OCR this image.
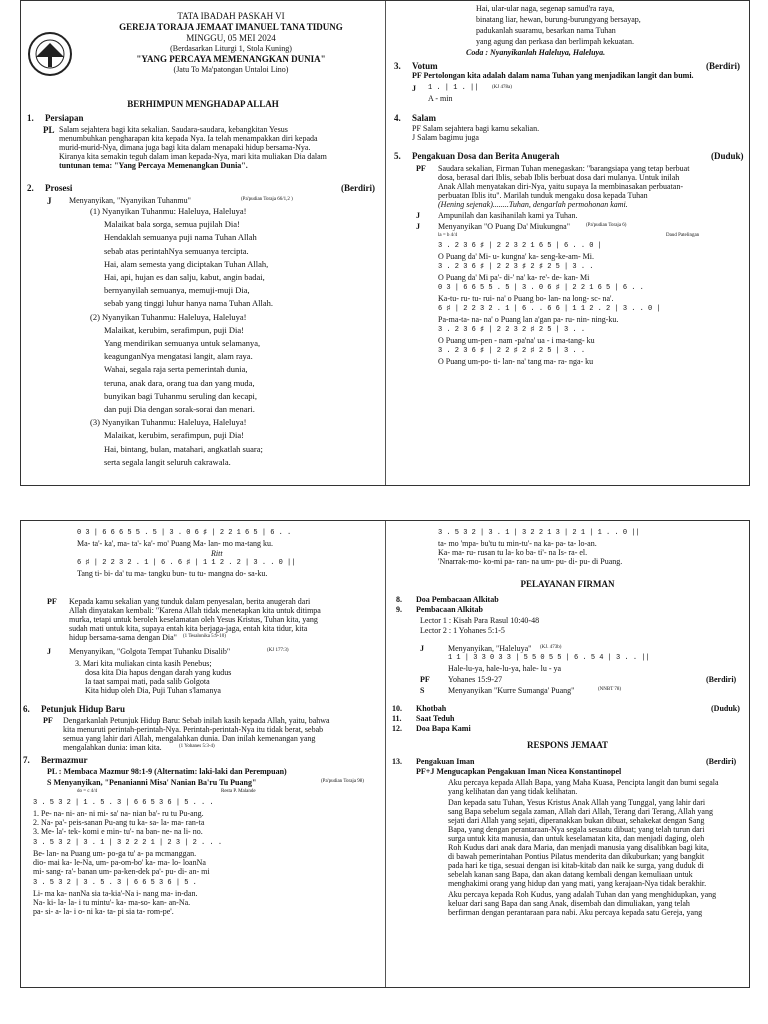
TATA IBADAH PASKAH VI
GEREJA TORAJA JEMAAT IMANUEL TANA TIDUNG
MINGGU, 05 MEI 2024
(Berdasarkan Liturgi 1, Stola Kuning)
"YANG PERCAYA MEMENANGKAN DUNIA"
(Jatu To Ma'patongan Untaloi Lino)
BERHIMPUN MENGHADAP ALLAH
1. Persiapan
PL Salam sejahtera bagi kita sekalian. Saudara-saudara, kebangkitan Yesus
menumbuhkan pengharapan kita kepada Nya. Ia telah menampakkan diri kepada
murid-murid-Nya, dimana juga bagi kita dalam menapaki hidup bersama-Nya.
Kiranya kita semakin teguh dalam iman kepada-Nya, mari kita muliakan Dia dalam
tuntunan tema: "Yang Percaya Memenangkan Dunia".
2. Prosesi	(Berdiri)
J Menyanyikan, "Nyanyikan Tuhanmu"	(Pa'pudian Toraja 66/1,2 )
Hai, ular-ular naga, segenap samud'ra raya,
binatang liar, hewan, burung-burungyang bersayap,
padukanlah suaramu, besarkan nama Tuhan
yang agung dan perkasa dan berlimpah kekuatan.
Coda : Nyanyikanlah Haleluya, Haleluya.
3. Votum	(Berdiri)
PF Pertolongan kita adalah dalam nama Tuhan yang menjadikan langit dan bumi.
J 1 . | 1 . ||	(KJ 478a)
A - min
4. Salam
PF Salam sejahtera bagi kamu sekalian.
J Salam bagimu juga
5. Pengakuan Dosa dan Berita Anugerah	(Duduk)
PF Saudara sekalian, Firman Tuhan menegaskan: "barangsiapa yang tetap berbuat
dosa, berasal dari Iblis, sebab Iblis berbuat dosa dari mulanya. Untuk inilah
Anak Allah menyatakan diri-Nya, yaitu supaya Ia membinasakan perbuatan-
perbuatan Iblis itu". Marilah tunduk mengaku dosa kepada Tuhan
(Hening sejenak)........Tuhan, dengarlah permohonan kami.
J Ampunilah dan kasihanilah kami ya Tuhan.
J Menyanyikan "O Puang Da' Miukungna"	(Pa'pudian Toraja 6)
la = b 4/4	Daud Patelingan
3 . 2 3 6 ♯ | 2 2 3 2 1 6 5 | 6 . . 0 |
O Puang da' Mi- u- kungna' ka- seng-ke-am- Mi.
3 . 2 3 6 ♯ | 2 2 3 ♯ 2 ♯ 2 5 | 3 . .
O Puang da' Mi pa'- di-' na' ka- re'- de- kan- Mi
0 3 | 6 6 5 5 . 5 | 3 . 0 6 ♯ | 2 2 1 6 5 | 6 . .
Ka-tu- ru- tu- rui- na' o Puang bo- lan- na long- sc- na'.
6 ♯ | 2 2 3 2 . 1 | 6 . . 6 6 | 1 1 2 . 2 | 3 . . 0 |
Pa-ma-ta- na- na' o Puang lan a'gan pa- ru- nin- ning-ku.
3 . 2 3 6 ♯ | 2 2 3 2 ♯ 2 5 | 3 . .
O Puang um-pen - nam -pa'na' ua - i ma-tang- ku
3 . 2 3 6 ♯ | 2 2 ♯ 2 ♯ 2 5 | 3 . .
O Puang um-po- ti- lan- na' tang ma- ra- nga- ku
0 3 | 6 6 6 5 5 . 5 | 3 . 0 6 ♯ | 2 2 1 6 5 | 6 . .
Ma- ta'- ka', ma- ta'- ka'- mo' Puang Ma- lan- mo ma-tang ku.
Ritt
6 ♯ | 2 2 3 2 . 1 | 6 . 6 ♯ | 1 1 2 . 2 | 3 . . 0 ||
Tang ti- bi- da' tu ma- tangku bun- tu tu- mangna do- sa-ku.
PF Kepada kamu sekalian yang tunduk dalam penyesalan, berita anugerah dari
Allah dinyatakan kembali: "Karena Allah tidak menetapkan kita untuk ditimpa
murka, tetapi untuk beroleh keselamatan oleh Yesus Kristus, Tuhan kita, yang
sudah mati untuk kita, supaya entah kita berjaga-jaga, entah kita tidur, kita
hidup bersama-sama dengan Dia" (1 Tesalonika 5:9-10)
J Menyanyikan, "Golgota Tempat Tuhanku Disalib"	(KJ 177:3)
3. Mari kita muliakan cinta kasih Penebus;
dosa kita Dia hapus dengan darah yang kudus
Ia taat sampai mati, pada salib Golgota
Kita hidup oleh Dia, Puji Tuhan s'lamanya
6. Petunjuk Hidup Baru
PF Dengarkanlah Petunjuk Hidup Baru: Sebab inilah kasih kepada Allah, yaitu, bahwa
kita menuruti perintah-perintah-Nya. Perintah-perintah-Nya itu tidak berat, sebab
semua yang lahir dari Allah, mengalahkan dunia. Dan inilah kemenangan yang
mengalahkan dunia: iman kita.	(1 Yohanes 5:3-4)
7. Bermazmur
PL : Membaca Mazmur 98:1-9 (Alternatim: laki-laki dan Perempuan)
S Menyanyikan, "Penanianni Misa' Nanian Ba'ru Tu Puang"	(Pa'pudian Toraja 98)
do = c 4/4	Resta P. Malande
3 . 5 3 2 | 1 . 5 . 3 | 6 6 5 3 6 | 5 . . .
1. Pe- na- ni- an- ni mi- sa' na- nian ba'- ru tu Pu-ang.
2. Na- pa'- peis-sanan Pu-ang tu ka- sa- la- ma- ran-ta
3. Me- la'- tek- komi e min- tu'- na ban- ne- na li- no.
3 . 5 3 2 | 3 . 1 | 3 2 2 2 1 | 2 3 | 2 . . .
Be- lan- na Puang um- po-ga tu' a- pa mcmanggan.
dio- mai ka- le-Na, um- pa-om-bo' ka- ma- lo- loanNa
mi- sang- ra'- banan um- pa-ken-dek pa'- pu- di- an- mi
3 . 5 3 2 | 3 . 5 . 3 | 6 6 5 3 6 | 5 .
Li- ma ka- nanNa sia ta-kia'-Na i- nang ma- in-dan.
Na- ki- la- la- i tu mintu'- ka- ma-so- kan- an-Na.
pa- si- a- la- i o- ni ka- ta- pi sia ta- rom-pe'.
3 . 5 3 2 | 3 . 1 | 3 2 2 1 3 | 2 1 | 1 . . 0 ||
ta- mo 'mpa- bu'tu tu min-tu'- na ka- pa- ta- lo-an.
Ka- ma- ru- rusan tu la- ko ba- ti'- na Is- ra- el.
'Nnarrak-mo- ko-mi pa- ran- na um- pu- di- pu- di Puang.
PELAYANAN FIRMAN
8. Doa Pembacaan Alkitab
9. Pembacaan Alkitab
Lector 1 : Kisah Para Rasul 10:40-48
Lector 2 : 1 Yohanes 5:1-5
J	Menyanyikan, "Haleluya" (KJ. 473b)
1 1 | 3 3 0 3 3 | 5 5 0 5 5 | 6 . 5 4 | 3 . . ||
Hale-lu-ya, hale-lu-ya, hale- lu - ya
PF Yohanes 15:9-27	(Berdiri)
S	Menyanyikan "Kurre Sumanga' Puang"	(NNBT 78)
10. Khotbah	(Duduk)
11. Saat Teduh
12. Doa Bapa Kami
RESPONS JEMAAT
13. Pengakuan Iman	(Berdiri)
PF+J Mengucapkan Pengakuan Iman Nicea Konstantinopel
Aku percaya kepada Allah Bapa, yang Maha Kuasa, Pencipta langit dan bumi segala
yang kelihatan dan yang tidak kelihatan.
Dan kepada satu Tuhan, Yesus Kristus Anak Allah yang Tunggal, yang lahir dari
sang Bapa sebelum segala zaman, Allah dari Allah, Terang dari Terang, Allah yang
sejati dari Allah yang sejati, diperanakkan bukan dibuat, sehakekat dengan Sang
Bapa, yang dengan perantaraan-Nya segala sesuatu dibuat; yang telah turun dari
surga untuk kita manusia, dan untuk keselamatan kita, dan menjadi daging, oleh
Roh Kudus dari anak dara Maria, dan menjadi manusia yang disalibkan bagi kita,
di bawah pemerintahan Pontius Pilatus menderita dan dikuburkan; yang bangkit
pada hari ke tiga, sesuai dengan isi kitab-kitab dan naik ke surga, yang duduk di
sebelah kanan sang Bapa, dan akan datang kembali dengan kemuliaan untuk
menghakimi orang yang hidup dan yang mati, yang kerajaan-Nya tidak berakhir.
Aku percaya kepada Roh Kudus, yang adalah Tuhan dan yang menghidupkan, yang
keluar dari sang Bapa dan sang Anak, disembah dan dimuliakan, yang telah
berfirman dengan perantaraan para nabi. Aku percaya kepada satu Gereja, yang
(1) Nyanyikan Tuhanmu: Haleluya, Haleluya!
Malaikat bala sorga, semua pujilah Dia!
Hendaklah semuanya puji nama Tuhan Allah
sebab atas perintahNya semuanya tercipta.
Hai, alam semesta yang diciptakan Tuhan Allah,
Hai, api, hujan es dan salju, kabut, angin badai,
bernyanyilah semuanya, memuji-muji Dia,
sebab yang tinggi luhur hanya nama Tuhan Allah.
(2) Nyanyikan Tuhanmu: Haleluya, Haleluya!
Malaikat, kerubim, serafimpun, puji Dia!
Yang mendirikan semuanya untuk selamanya,
keagunganNya mengatasi langit, alam raya.
Wahai, segala raja serta pemerintah dunia,
teruna, anak dara, orang tua dan yang muda,
bunyikan bagi Tuhanmu seruling dan kecapi,
dan puji Dia dengan sorak-sorai dan menari.
(3) Nyanyikan Tuhanmu: Haleluya, Haleluya!
Malaikat, kerubim, serafimpun, puji Dia!
Hai, bintang, bulan, matahari, angkatlah suara;
serta segala langit seluruh cakrawala.
